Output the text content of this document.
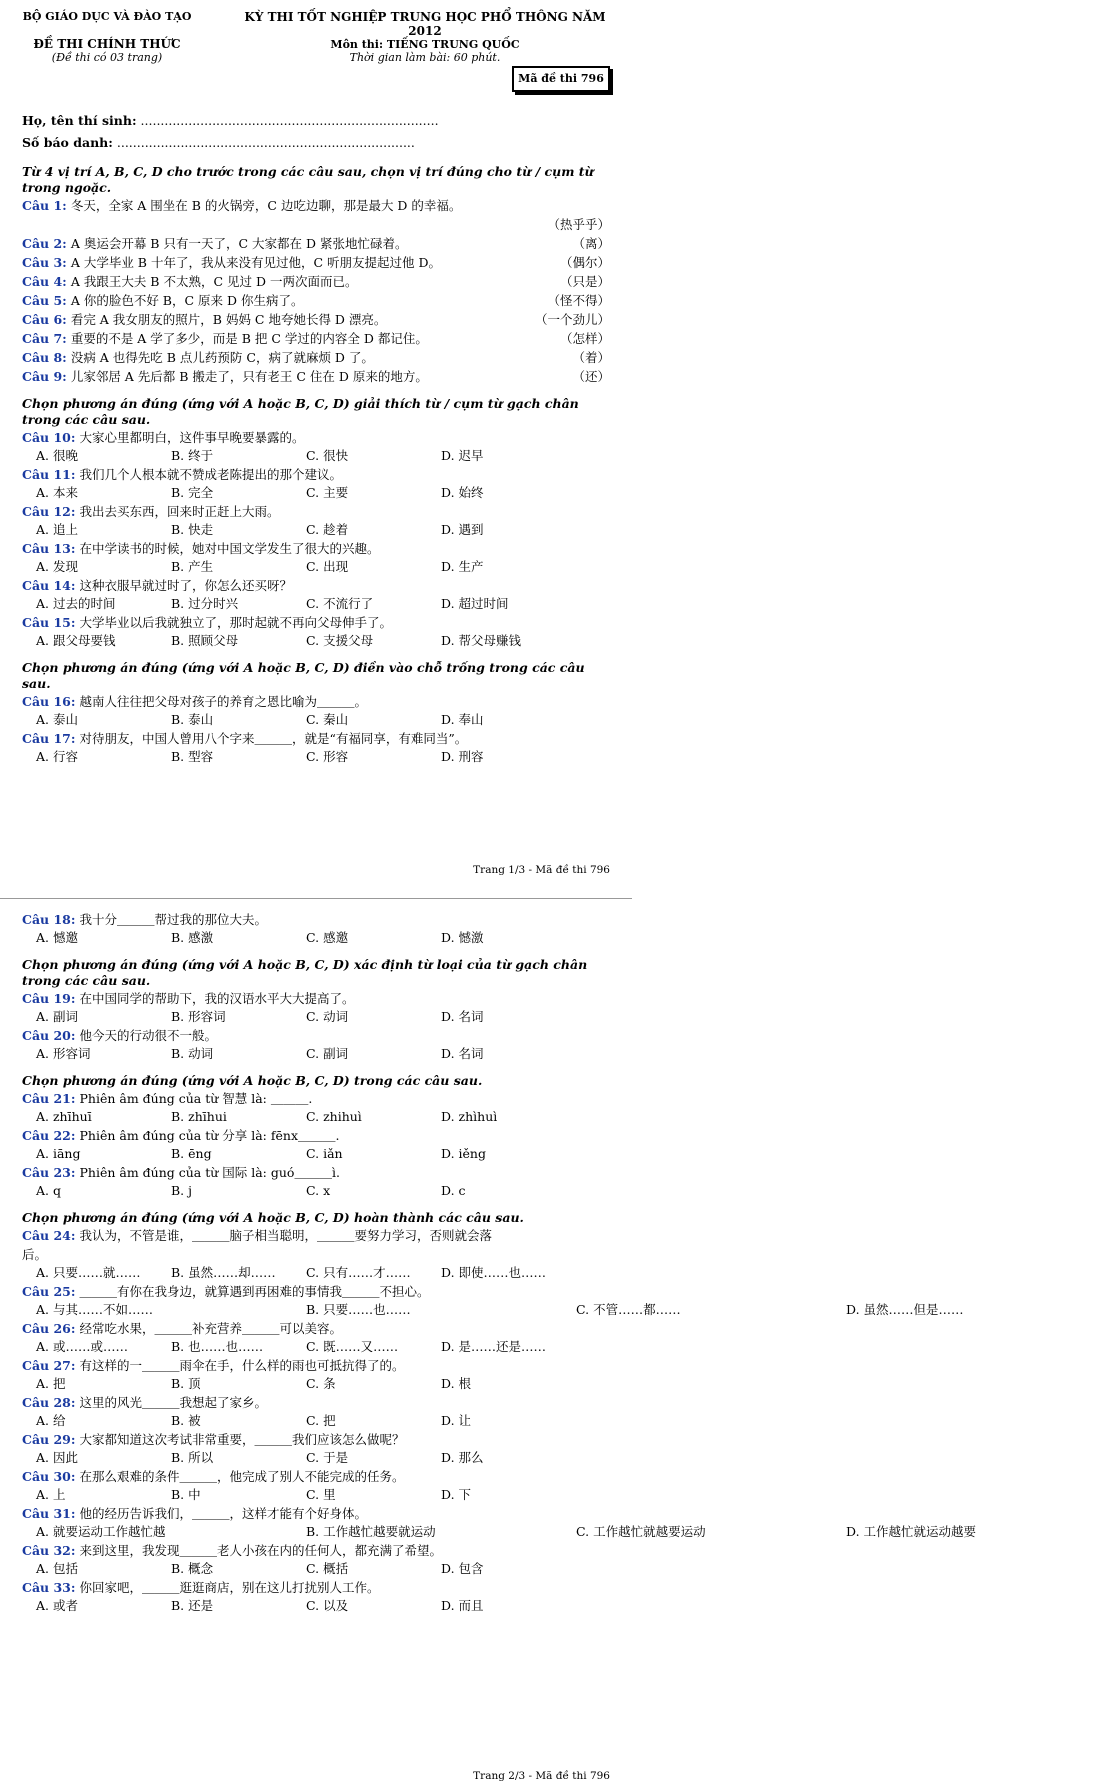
BỘ GIÁO DỤC VÀ ĐÀO TẠO
ĐỀ THI CHÍNH THỨC
(Đề thi có 03 trang)
KỲ THI TỐT NGHIỆP TRUNG HỌC PHỔ THÔNG NĂM 2012
Môn thi: TIẾNG TRUNG QUỐC
Thời gian làm bài: 60 phút.
Mã đề thi 796
Họ, tên thí sinh: ...........................................................................
Số báo danh: ...........................................................................
Từ 4 vị trí A, B, C, D cho trước trong các câu sau, chọn vị trí đúng cho từ / cụm từ trong ngoặc.
Câu 1: 冬天，全家 A 围坐在 B 的火锅旁，C 边吃边聊，那是最大 D 的幸福。
（热乎乎）
Câu 2: A 奥运会开幕 B 只有一天了，C 大家都在 D 紧张地忙碌着。	（离）
Câu 3: A 大学毕业 B 十年了，我从来没有见过他，C 听朋友提起过他 D。	（偶尔）
Câu 4: A 我跟王大夫 B 不太熟，C 见过 D 一两次面而已。	（只是）
Câu 5: A 你的脸色不好 B，C 原来 D 你生病了。	（怪不得）
Câu 6: 看完 A 我女朋友的照片，B 妈妈 C 地夸她长得 D 漂亮。	（一个劲儿）
Câu 7: 重要的不是 A 学了多少，而是 B 把 C 学过的内容全 D 都记住。	（怎样）
Câu 8: 没病 A 也得先吃 B 点儿药预防 C，病了就麻烦 D 了。	（着）
Câu 9: 儿家邻居 A 先后都 B 搬走了，只有老王 C 住在 D 原来的地方。	（还）
Chọn phương án đúng (ứng với A hoặc B, C, D) giải thích từ / cụm từ gạch chân trong các câu sau.
Câu 10: 大家心里都明白，这件事早晚要暴露的。
A. 很晚	B. 终于	C. 很快	D. 迟早
Câu 11: 我们几个人根本就不赞成老陈提出的那个建议。
A. 本来	B. 完全	C. 主要	D. 始终
Câu 12: 我出去买东西，回来时正赶上大雨。
A. 追上	B. 快走	C. 趁着	D. 遇到
Câu 13: 在中学读书的时候，她对中国文学发生了很大的兴趣。
A. 发现	B. 产生	C. 出现	D. 生产
Câu 14: 这种衣服早就过时了，你怎么还买呀？
A. 过去的时间	B. 过分时兴	C. 不流行了	D. 超过时间
Câu 15: 大学毕业以后我就独立了，那时起就不再向父母伸手了。
A. 跟父母要钱	B. 照顾父母	C. 支援父母	D. 帮父母赚钱
Chọn phương án đúng (ứng với A hoặc B, C, D) điền vào chỗ trống trong các câu sau.
Câu 16: 越南人往往把父母对孩子的养育之恩比喻为＿＿＿。
A. 泰山	B. 泰山	C. 秦山	D. 奉山
Câu 17: 对待朋友，中国人曾用八个字来＿＿＿，就是“有福同享，有难同当”。
A. 行容	B. 型容	C. 形容	D. 刑容
Trang 1/3 - Mã đề thi 796
Câu 18: 我十分＿＿＿帮过我的那位大夫。
A. 憾邀	B. 感激	C. 感邀	D. 憾激
Chọn phương án đúng (ứng với A hoặc B, C, D) xác định từ loại của từ gạch chân trong các câu sau.
Câu 19: 在中国同学的帮助下，我的汉语水平大大提高了。
A. 副词	B. 形容词	C. 动词	D. 名词
Câu 20: 他今天的行动很不一般。
A. 形容词	B. 动词	C. 副词	D. 名词
Chọn phương án đúng (ứng với A hoặc B, C, D) trong các câu sau.
Câu 21: Phiên âm đúng của từ 智慧 là: ＿＿＿.
A. zhīhuī	B. zhīhui	C. zhihuì	D. zhìhuì
Câu 22: Phiên âm đúng của từ 分享 là: fēnx＿＿＿.
A. iāng	B. ēng	C. iǎn	D. iěng
Câu 23: Phiên âm đúng của từ 国际 là: guó＿＿＿ì.
A. q	B. j	C. x	D. c
Chọn phương án đúng (ứng với A hoặc B, C, D) hoàn thành các câu sau.
Câu 24: 我认为，不管是谁，＿＿＿脑子相当聪明，＿＿＿要努力学习，否则就会落
后。
A. 只要……就……	B. 虽然……却……	C. 只有……才……	D. 即使……也……
Câu 25: ＿＿＿有你在我身边，就算遇到再困难的事情我＿＿＿不担心。
A. 与其……不如……	B. 只要……也……	C. 不管……都……	D. 虽然……但是……
Câu 26: 经常吃水果，＿＿＿补充营养＿＿＿可以美容。
A. 或……或……	B. 也……也……	C. 既……又……	D. 是……还是……
Câu 27: 有这样的一＿＿＿雨伞在手，什么样的雨也可抵抗得了的。
A. 把	B. 顶	C. 条	D. 根
Câu 28: 这里的风光＿＿＿我想起了家乡。
A. 给	B. 被	C. 把	D. 让
Câu 29: 大家都知道这次考试非常重要，＿＿＿我们应该怎么做呢？
A. 因此	B. 所以	C. 于是	D. 那么
Câu 30: 在那么艰难的条件＿＿＿，他完成了别人不能完成的任务。
A. 上	B. 中	C. 里	D. 下
Câu 31: 他的经历告诉我们，＿＿＿，这样才能有个好身体。
A. 就要运动工作越忙越	B. 工作越忙越要就运动	C. 工作越忙就越要运动	D. 工作越忙就运动越要
Câu 32: 来到这里，我发现＿＿＿老人小孩在内的任何人，都充满了希望。
A. 包括	B. 概念	C. 概括	D. 包含
Câu 33: 你回家吧，＿＿＿逛逛商店，别在这儿打扰别人工作。
A. 或者	B. 还是	C. 以及	D. 而且
Trang 2/3 - Mã đề thi 796
